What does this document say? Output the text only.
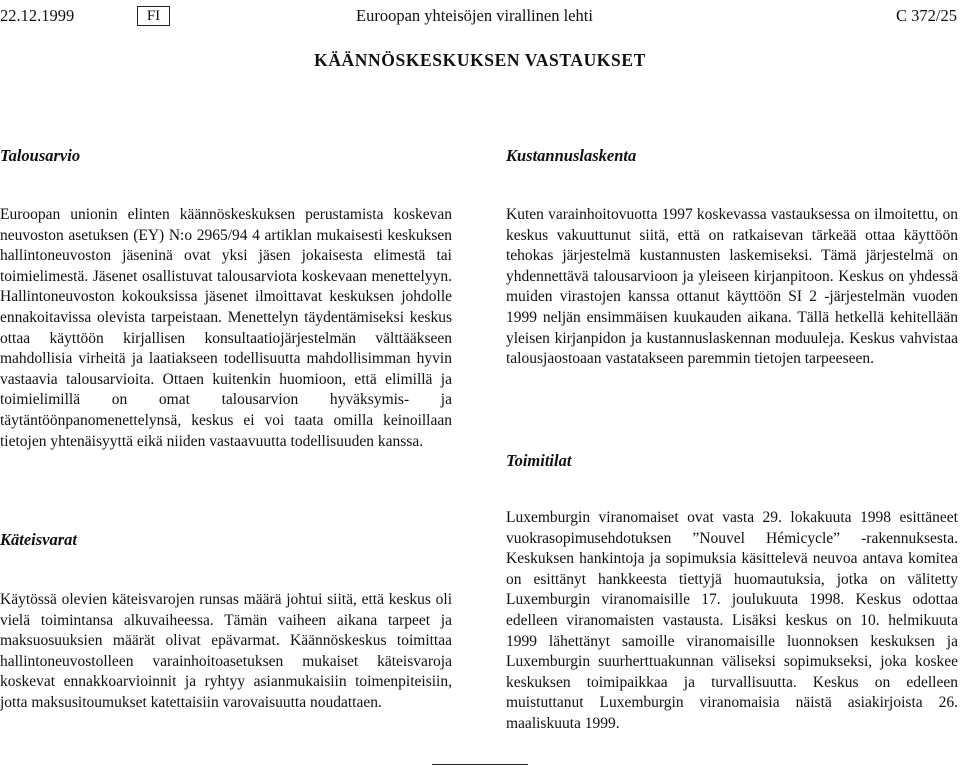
22.12.1999	FI	Euroopan yhteisöjen virallinen lehti	C 372/25
KÄÄNNÖSKESKUKSEN VASTAUKSET
Talousarvio

Euroopan unionin elinten käännöskeskuksen perustamista koskevan neuvoston asetuksen (EY) N:o 2965/94 4 artiklan mukaisesti keskuksen hallintoneuvoston jäseninä ovat yksi jäsen jokaisesta elimestä tai toimielimestä. Jäsenet osallistuvat talousarviota koskevaan menettelyyn. Hallintoneuvoston kokouksissa jäsenet ilmoittavat keskuksen johdolle ennakoitavissa olevista tarpeistaan. Menettelyn täydentämiseksi keskus ottaa käyttöön kirjallisen konsultaatiojärjestelmän välttääkseen mahdollisia virheitä ja laatiakseen todellisuutta mahdollisimman hyvin vastaavia talousarvioita. Ottaen kuitenkin huomioon, että elimillä ja toimielimillä on omat talousarvion hyväksymis- ja täytäntöönpanomenettelynsä, keskus ei voi taata omilla keinoillaan tietojen yhtenäisyyttä eikä niiden vastaavuutta todellisuuden kanssa.

Käteisvarat

Käytössä olevien käteisvarojen runsas määrä johtui siitä, että keskus oli vielä toimintansa alkuvaiheessa. Tämän vaiheen aikana tarpeet ja maksuosuuksien määrät olivat epävarmat. Käännöskeskus toimittaa hallintoneuvostolleen varainhoitoasetuksen mukaiset käteisvaroja koskevat ennakkoarvioinnit ja ryhtyy asianmukaisiin toimenpiteisiin, jotta maksusitoumukset katettaisiin varovaisuutta noudattaen.

Kustannuslaskenta

Kuten varainhoitovuotta 1997 koskevassa vastauksessa on ilmoitettu, on keskus vakuuttunut siitä, että on ratkaisevan tärkeää ottaa käyttöön tehokas järjestelmä kustannusten laskemiseksi. Tämä järjestelmä on yhdennettävä talousarvioon ja yleiseen kirjanpitoon. Keskus on yhdessä muiden virastojen kanssa ottanut käyttöön SI 2 -järjestelmän vuoden 1999 neljän ensimmäisen kuukauden aikana. Tällä hetkellä kehitellään yleisen kirjanpidon ja kustannuslaskennan moduuleja. Keskus vahvistaa talousjaostoaan vastatakseen paremmin tietojen tarpeeseen.

Toimitilat

Luxemburgin viranomaiset ovat vasta 29. lokakuuta 1998 esittäneet vuokrasopimusehdotuksen ”Nouvel Hémicycle” -rakennuksesta. Keskuksen hankintoja ja sopimuksia käsittelevä neuvoa antava komitea on esittänyt hankkeesta tiettyjä huomautuksia, jotka on välitetty Luxemburgin viranomaisille 17. joulukuuta 1998. Keskus odottaa edelleen viranomaisten vastausta. Lisäksi keskus on 10. helmikuuta 1999 lähettänyt samoille viranomaisille luonnoksen keskuksen ja Luxemburgin suurherttuakunnan väliseksi sopimukseksi, joka koskee keskuksen toimipaikkaa ja turvallisuutta. Keskus on edelleen muistuttanut Luxemburgin viranomaisia näistä asiakirjoista 26. maaliskuuta 1999.
